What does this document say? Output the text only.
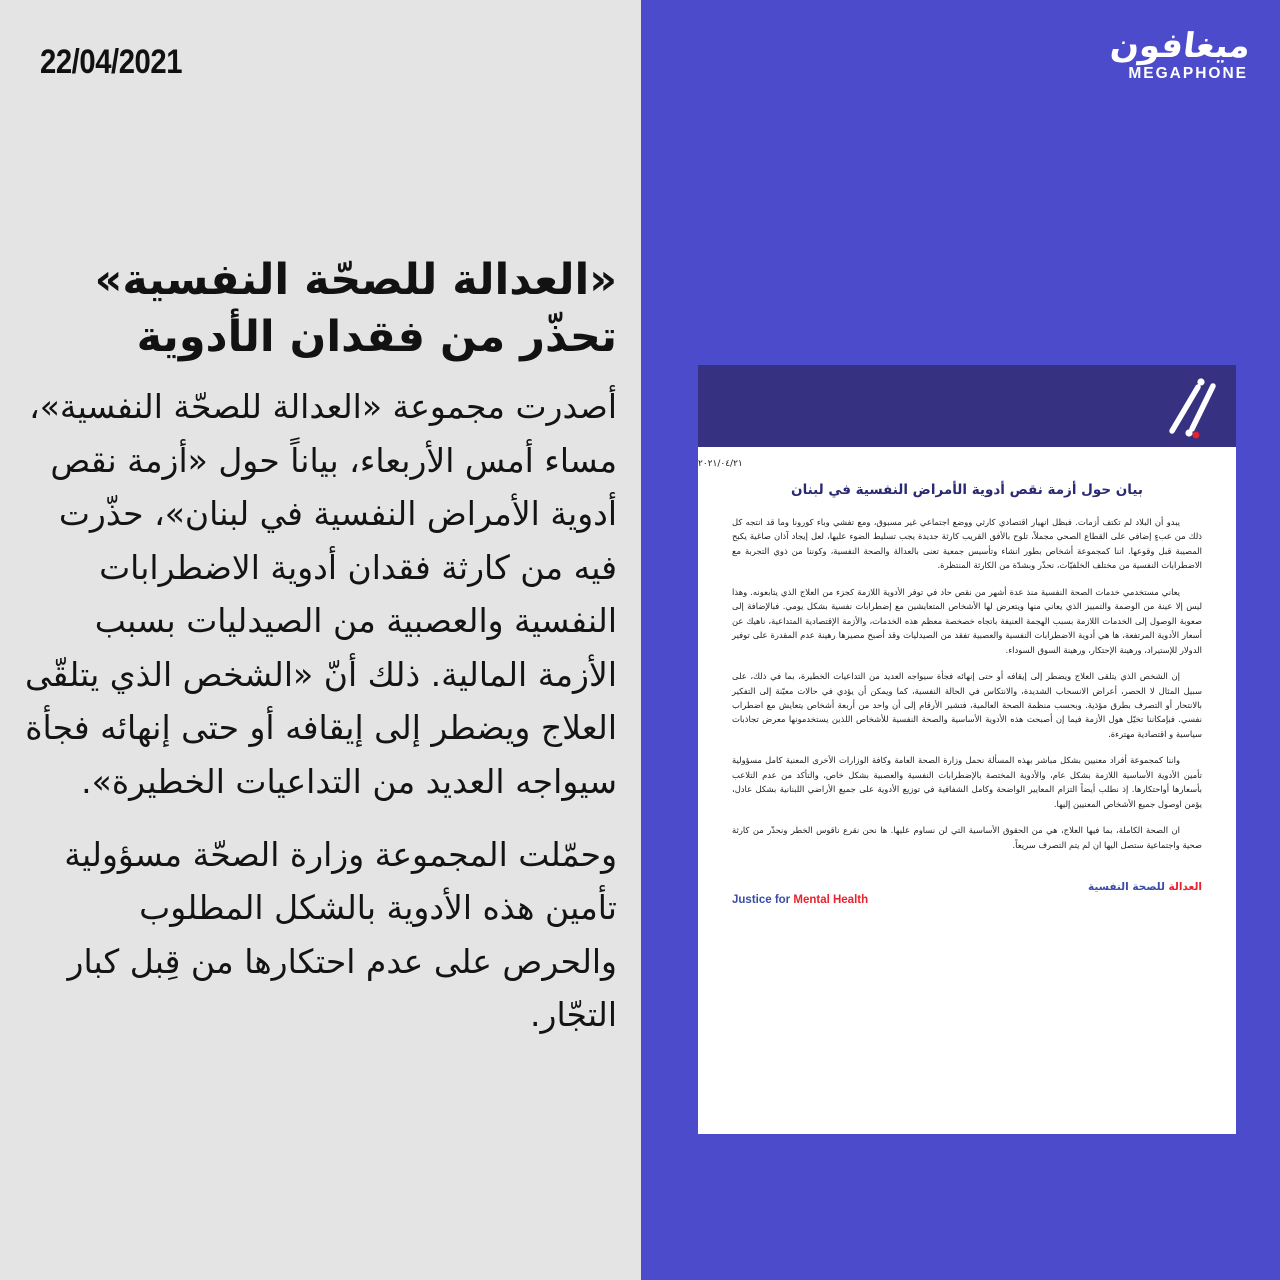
22/04/2021
«العدالة للصحّة النفسية» تحذّر من فقدان الأدوية

أصدرت مجموعة «العدالة للصحّة النفسية»، مساء أمس الأربعاء، بياناً حول «أزمة نقص أدوية الأمراض النفسية في لبنان»، حذّرت فيه من كارثة فقدان أدوية الاضطرابات النفسية والعصبية من الصيدليات بسبب الأزمة المالية. ذلك أنّ «الشخص الذي يتلقّى العلاج ويضطر إلى إيقافه أو حتى إنهائه فجأة سيواجه العديد من التداعيات الخطيرة».

وحمّلت المجموعة وزارة الصحّة مسؤولية تأمين هذه الأدوية بالشكل المطلوب والحرص على عدم احتكارها من قِبل كبار التجّار.

ميغافون
MEGAPHONE
٢٠٢١/٠٤/٢١
بيان حول أزمة نقص أدوية الأمراض النفسية في لبنان

يبدو أن البلاد لم تكتف أزمات. فبظل انهيار اقتصادي كارثي ووضع اجتماعي غير مسبوق، ومع تفشي وباء كورونا وما قد انتجه كل ذلك من عبءٍ إضافي على القطاع الصحي مجملاً، تلوح بالأفق القريب كارثة جديدة يجب تسليط الضوء عليها، لعل إيجاد آذان صاغية يكبح المصيبة قبل وقوعها. اننا كمجموعة أشخاص بطور انشاء وتأسيس جمعية تعنى بالعدالة والصحة النفسية، وكوننا من ذوي التجربة مع الاضطرابات النفسية من مختلف الخلفيّات، نحذّر وبشدّة من الكارثة المنتظرة.

يعاني مستخدمي خدمات الصحة النفسية منذ عدة أشهر من نقص حاد في توفر الأدوية اللازمة كجزء من العلاج الذي يتابعونه. وهذا ليس إلا عينة من الوصمة والتمييز الذي يعاني منها ويتعرض لها الأشخاص المتعايشين مع إضطرابات نفسية بشكل يومي. فبالإضافة إلى صعوبة الوصول إلى الخدمات اللازمة بسبب الهجمة العنيفة باتجاه خصخصة معظم هذه الخدمات، والأزمة الإقتصادية المتداعية، ناهيك عن أسعار الأدوية المرتفعة، ها هي أدوية الاضطرابات النفسية والعصبية تفقد من الصيدليات وقد أصبح مصيرها رهينة عدم المقدرة على توفير الدولار للإستيراد، ورهينة الإحتكار، ورهينة السوق السوداء.

إن الشخص الذي يتلقى العلاج ويضطر إلى إيقافه أو حتى إنهائه فجأة سيواجه العديد من التداعيات الخطيرة، بما في ذلك، على سبيل المثال لا الحصر، أعراض الانسحاب الشديدة، والانتكاس في الحالة النفسية، كما ويمكن أن يؤدي في حالات معيّنة إلى التفكير بالانتحار أو التصرف بطرق مؤذية. وبحسب منظمة الصحة العالمية، فتشير الأرقام إلى أن واحد من أربعة أشخاص يتعايش مع اضطراب نفسي. فبإمكاننا تخيّل هول الأزمة فيما إن أصبحت هذه الأدوية الأساسية والصحة النفسية للأشخاص اللذين يستخدمونها معرض تجاذبات سياسية و اقتصادية مهترءة.

واننا كمجموعة أفراد معنيين بشكل مباشر بهذه المسألة نحمل وزارة الصحة العامة وكافة الوزارات الأخرى المعنية كامل مسؤولية تأمين الأدوية الأساسية اللازمة بشكل عام، والأدوية المختصة بالإضطرابات النفسية والعصبية بشكل خاص، والتأكد من عدم التلاعب بأسعارها أواحتكارها. إذ نطلب أيضاً التزام المعايير الواضحة وكامل الشفافية في توزيع الأدوية على جميع الأراضي اللبنانية بشكل عادل، يؤمن اوصول جميع الأشخاص المعنيين إليها.

ان الصحة الكاملة، بما فيها العلاج، هي من الحقوق الأساسية التي لن نساوم عليها. ها نحن نقرع ناقوس الخطر ونحذّر من كارثة صحية واجتماعية ستصل اليها ان لم يتم التصرف سريعاً.

العدالة للصحة النفسية
Justice for Mental Health
